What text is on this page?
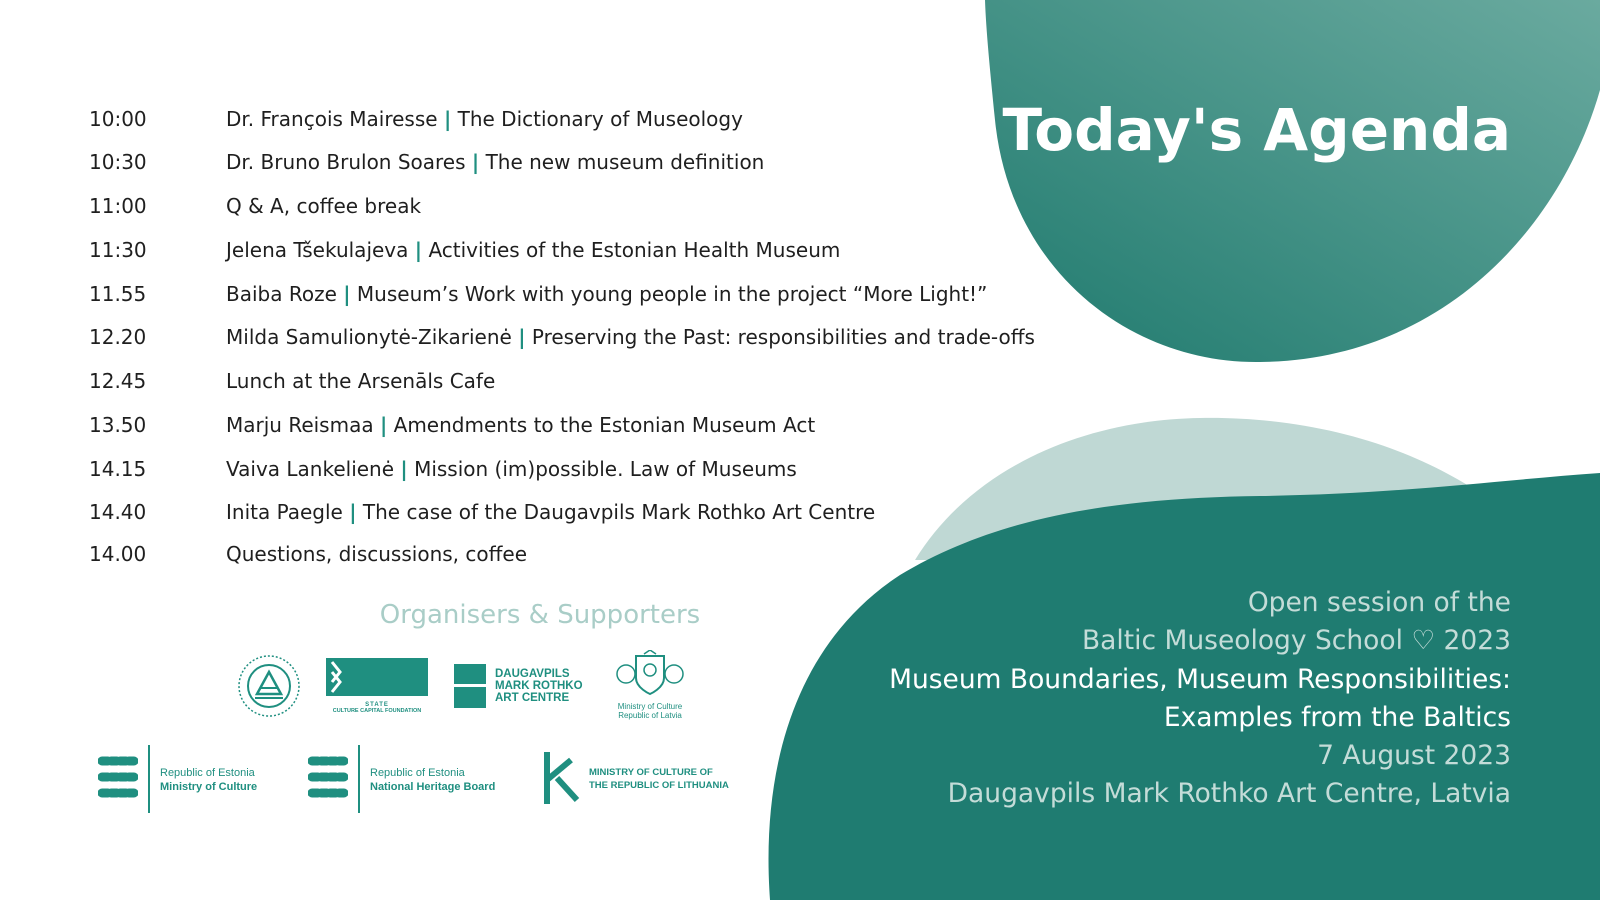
10:00	Dr. François Mairesse | The Dictionary of Museology
10:30	Dr. Bruno Brulon Soares | The new museum definition
11:00	Q & A, coffee break
11:30	Jelena Tšekulajeva | Activities of the Estonian Health Museum
11.55	Baiba Roze | Museum’s Work with young people in the project “More Light!”
12.20	Milda Samulionytė-Zikarienė | Preserving the Past: responsibilities and trade-offs
12.45	Lunch at the Arsenāls Cafe
13.50	Marju Reismaa | Amendments to the Estonian Museum Act
14.15	Vaiva Lankelienė | Mission (im)possible. Law of Museums
14.40	Inita Paegle | The case of the Daugavpils Mark Rothko Art Centre
14.00	Questions, discussions, coffee
Today's Agenda
Open session of the
Baltic Museology School ♡ 2023
Museum Boundaries, Museum Responsibilities:
Examples from the Baltics
7 August 2023
Daugavpils Mark Rothko Art Centre, Latvia
Organisers & Supporters
STATE
CULTURE CAPITAL FOUNDATION
DAUGAVPILS
MARK ROTHKO
ART CENTRE
Ministry of Culture
Republic of Latvia
Republic of Estonia
Ministry of Culture
Republic of Estonia
National Heritage Board
MINISTRY OF CULTURE OF
THE REPUBLIC OF LITHUANIA
